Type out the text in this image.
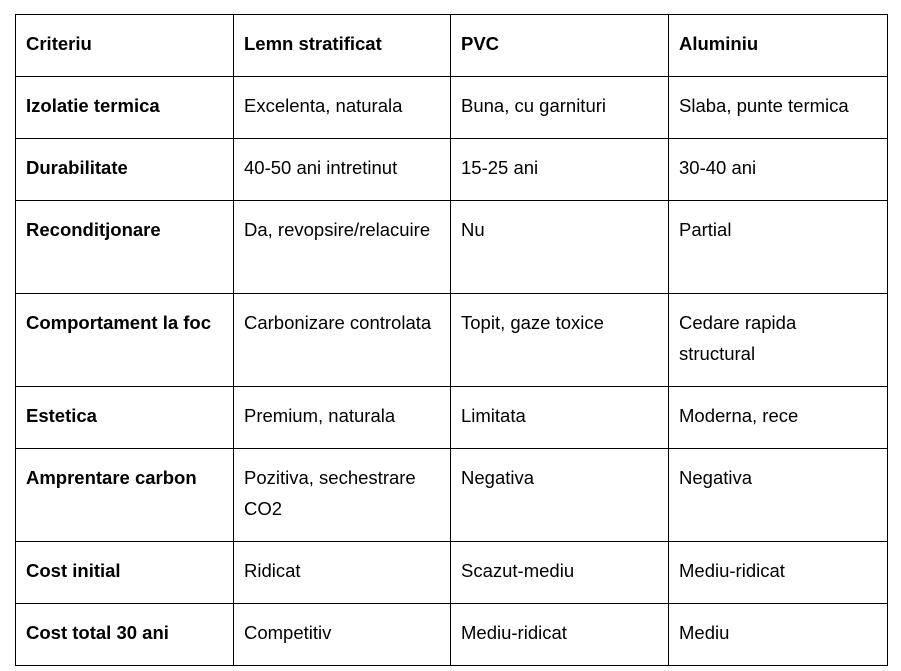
Criteriu	Lemn stratificat	PVC	Aluminiu
Izolatie termica	Excelenta, naturala	Buna, cu garnituri	Slaba, punte termica
Durabilitate	40-50 ani intretinut	15-25 ani	30-40 ani
Reconditjonare	Da, revopsire/relacuire	Nu	Partial
Comportament la foc	Carbonizare controlata	Topit, gaze toxice	Cedare rapida structural
Estetica	Premium, naturala	Limitata	Moderna, rece
Amprentare carbon	Pozitiva, sechestrare CO2	Negativa	Negativa
Cost initial	Ridicat	Scazut-mediu	Mediu-ridicat
Cost total 30 ani	Competitiv	Mediu-ridicat	Mediu
